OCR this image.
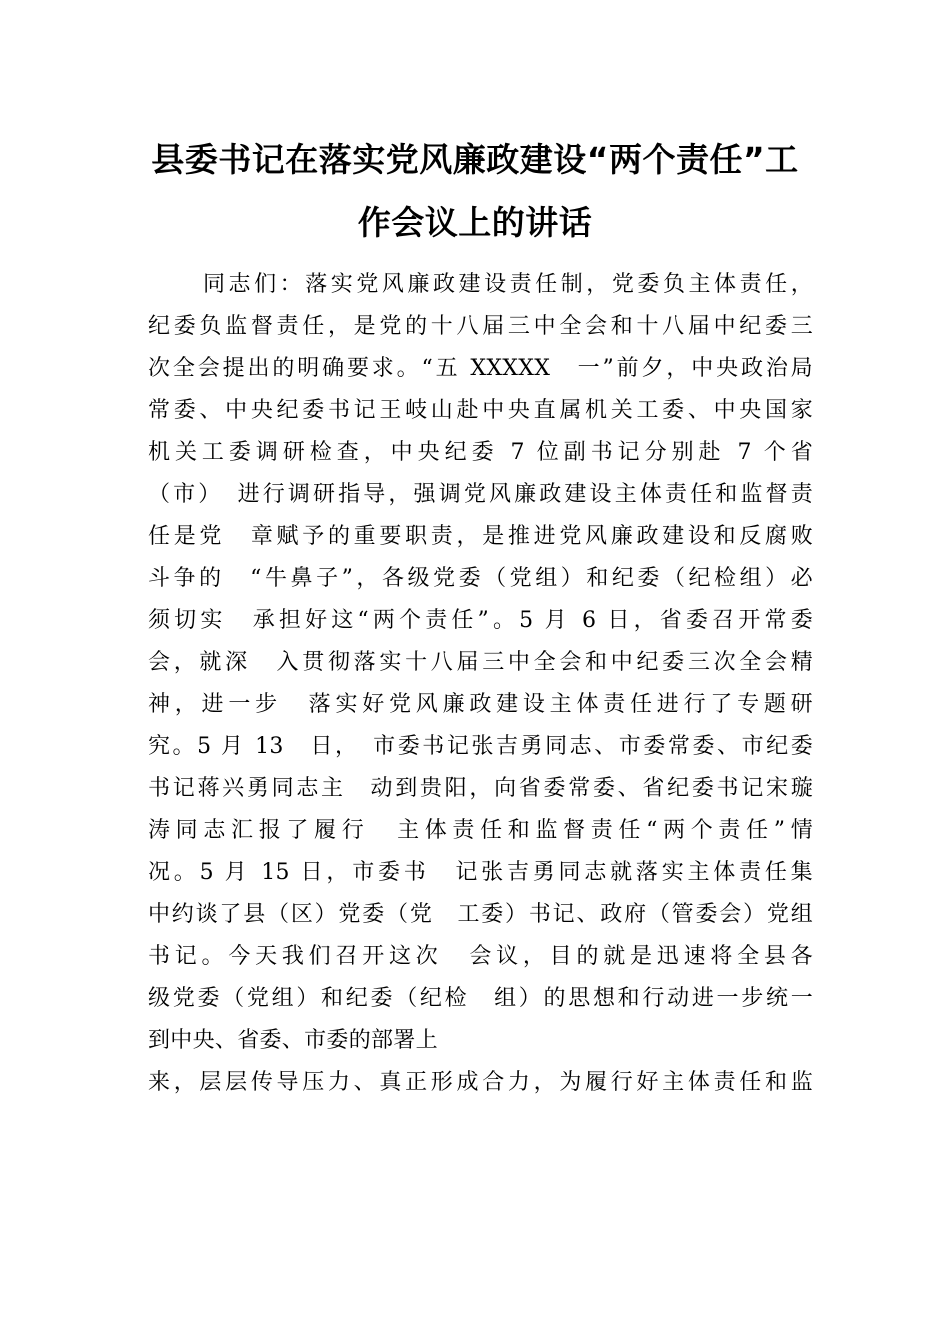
县委书记在落实党风廉政建设“两个责任”工
作会议上的讲话
同志们：落实党风廉政建设责任制，党委负主体责任，
纪委负监督责任，是党的十八届三中全会和十八届中纪委三
次全会提出的明确要求。“五 XXXXX　一”前夕，中央政治局
常委、中央纪委书记王岐山赴中央直属机关工委、中央国家
机关工委调研检查，中央纪委 7 位副书记分别赴 7 个省
（市）　进行调研指导，强调党风廉政建设主体责任和监督责
任是党　章赋予的重要职责，是推进党风廉政建设和反腐败
斗争的　“牛鼻子”，各级党委（党组）和纪委（纪检组）必
须切实　承担好这“两个责任”。5 月 6 日，省委召开常委
会，就深　入贯彻落实十八届三中全会和中纪委三次全会精
神，进一步　落实好党风廉政建设主体责任进行了专题研
究。5 月 13　日，　市委书记张吉勇同志、市委常委、市纪委
书记蒋兴勇同志主　动到贵阳，向省委常委、省纪委书记宋璇
涛同志汇报了履行　主体责任和监督责任“两个责任”情
况。5 月 15 日，市委书　记张吉勇同志就落实主体责任集
中约谈了县（区）党委（党　工委）书记、政府（管委会）党组
书记。今天我们召开这次　会议，目的就是迅速将全县各
级党委（党组）和纪委（纪检　组）的思想和行动进一步统一
到中央、省委、市委的部署上
来，层层传导压力、真正形成合力，为履行好主体责任和监
